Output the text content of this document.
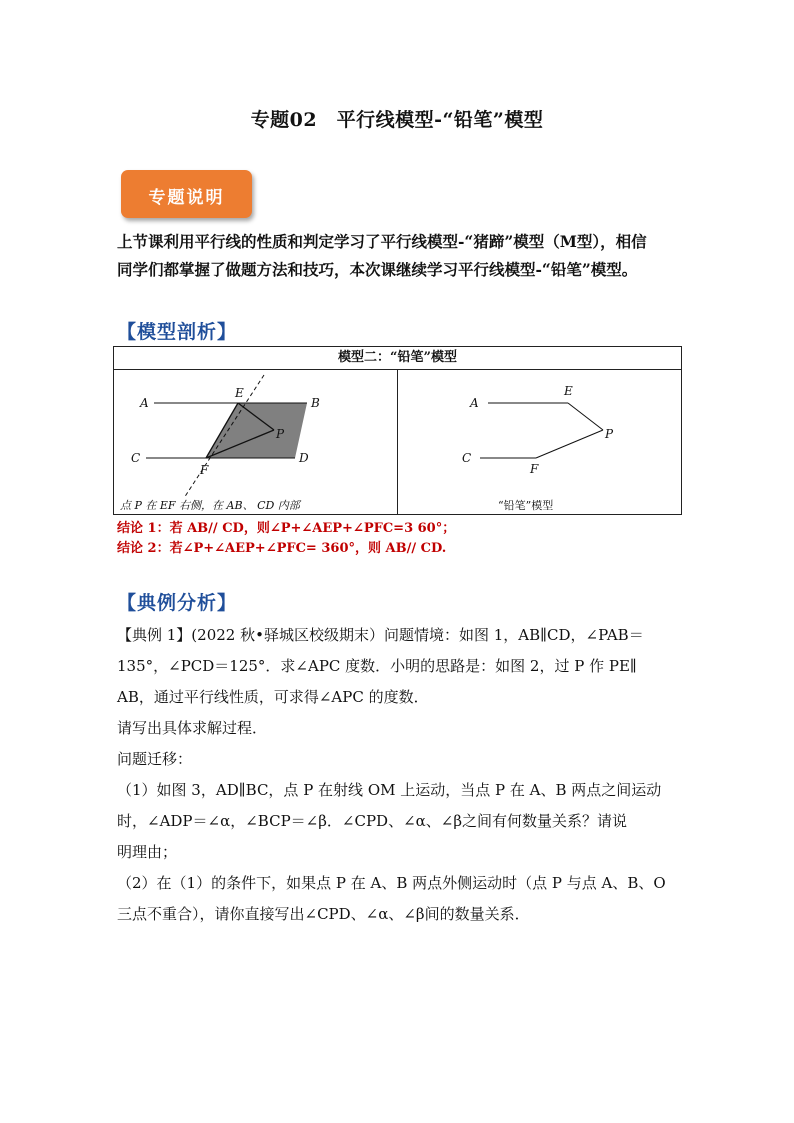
专题02　平行线模型-“铅笔”模型
专题说明
上节课利用平行线的性质和判定学习了平行线模型-“猪蹄”模型（M型），相信
同学们都掌握了做题方法和技巧，本次课继续学习平行线模型-“铅笔”模型。
【模型剖析】
模型二：“铅笔”模型
A	B
C	D
E
F
P
点 P 在 EF 右侧，在 AB、 CD 内部
A
E
P
C
F
“铅笔”模型
结论 1：若 AB// CD，则∠P+∠AEP+∠PFC=3 60°；
结论 2：若∠P+∠AEP+∠PFC= 360°，则 AB// CD.
【典例分析】
【典例 1】(2022 秋•驿城区校级期末）问题情境：如图 1，AB∥CD，∠PAB＝
135°，∠PCD＝125°．求∠APC 度数．小明的思路是：如图 2，过 P 作 PE∥
AB，通过平行线性质，可求得∠APC 的度数．
请写出具体求解过程．
问题迁移：
（1）如图 3，AD∥BC，点 P 在射线 OM 上运动，当点 P 在 A、B 两点之间运动
时，∠ADP＝∠α，∠BCP＝∠β．∠CPD、∠α、∠β之间有何数量关系？请说
明理由；
（2）在（1）的条件下，如果点 P 在 A、B 两点外侧运动时（点 P 与点 A、B、O
三点不重合），请你直接写出∠CPD、∠α、∠β间的数量关系．
